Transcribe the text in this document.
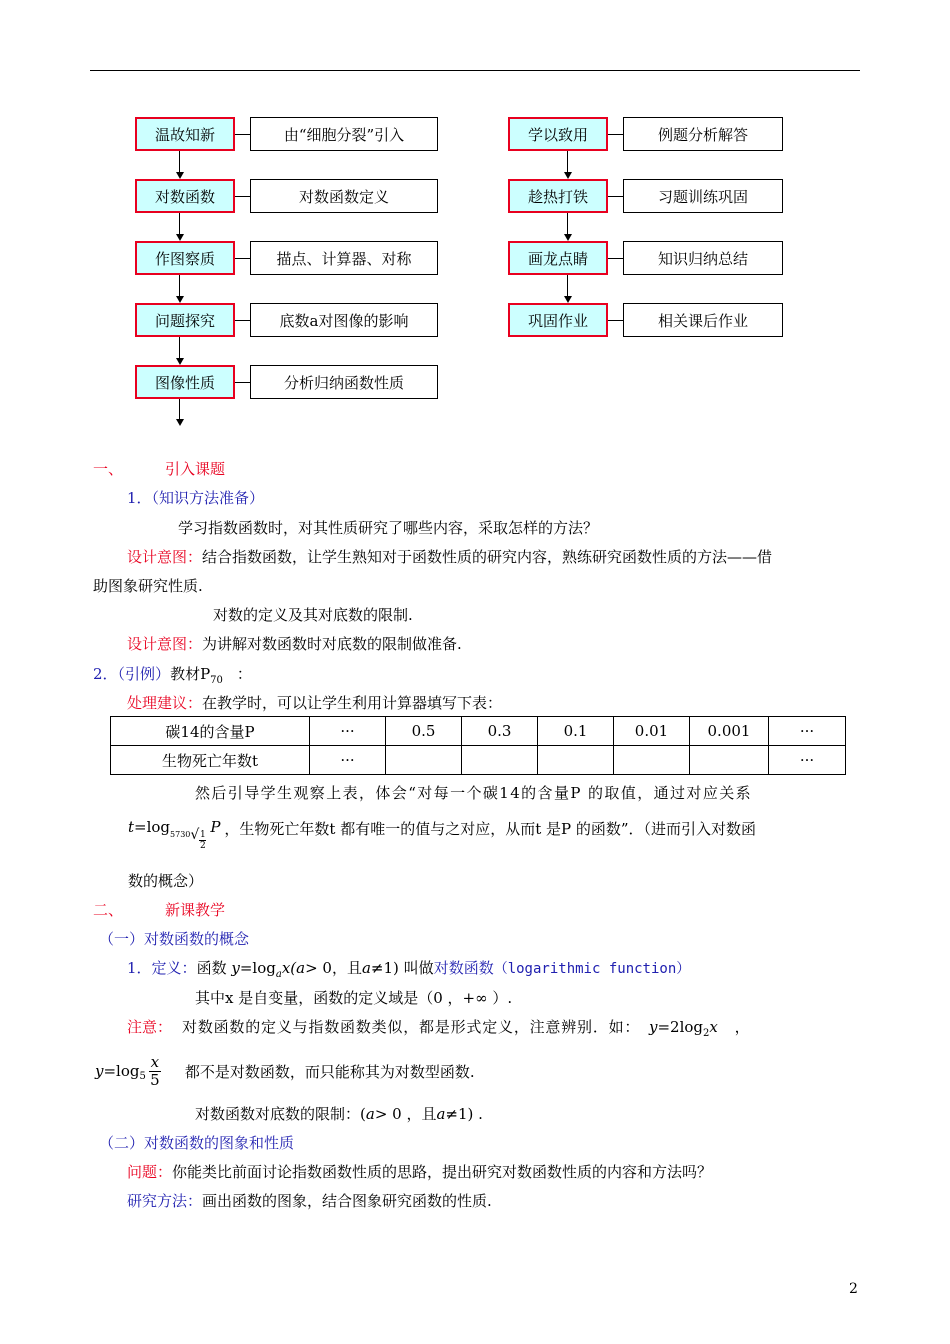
温故知新	由“细胞分裂”引入
对数函数	对数函数定义
作图察质	描点、计算器、对称
问题探究	底数a对图像的影响
图像性质	分析归纳函数性质
学以致用	例题分析解答
趁热打铁	习题训练巩固
画龙点睛	知识归纳总结
巩固作业	相关课后作业
一、	引入课题
1．（知识方法准备）
学习指数函数时，对其性质研究了哪些内容，采取怎样的方法？
设计意图：结合指数函数，让学生熟知对于函数性质的研究内容，熟练研究函数性质的方法——借
助图象研究性质.
对数的定义及其对底数的限制.
设计意图：为讲解对数函数时对底数的限制做准备.
2．（引例）教材$P_{70}$ ：
处理建议：在教学时，可以让学生利用计算器填写下表：
碳14的含量P	···	0.5	0.3	0.1	0.01	0.001	···
生物死亡年数t	···						···
然后引导学生观察上表，体会“对每一个碳14的含量P 的取值，通过对应关系
t =log 5730 √ 1
2
P ，生物死亡年数t 都有唯一的值与之对应，从而t 是P 的函数”．（进而引入对数函
数的概念）
二、	新课教学
（一）对数函数的概念
1．定义：函数 $y=\log_ax(a> 0$，且a≠1) 叫做对数函数（logarithmic function）
其中x 是自变量，函数的定义域是（0 ，+∞ ）.
注意： 对数函数的定义与指数函数类似，都是形式定义，注意辨别．如： $y=2\log_2x$ ，
y =log 5
x
5 都不是对数函数，而只能称其为对数型函数.
对数函数对底数的限制：(a> 0 ，且a≠1) .
（二）对数函数的图象和性质
问题：你能类比前面讨论指数函数性质的思路，提出研究对数函数性质的内容和方法吗？
研究方法：画出函数的图象，结合图象研究函数的性质.
2
